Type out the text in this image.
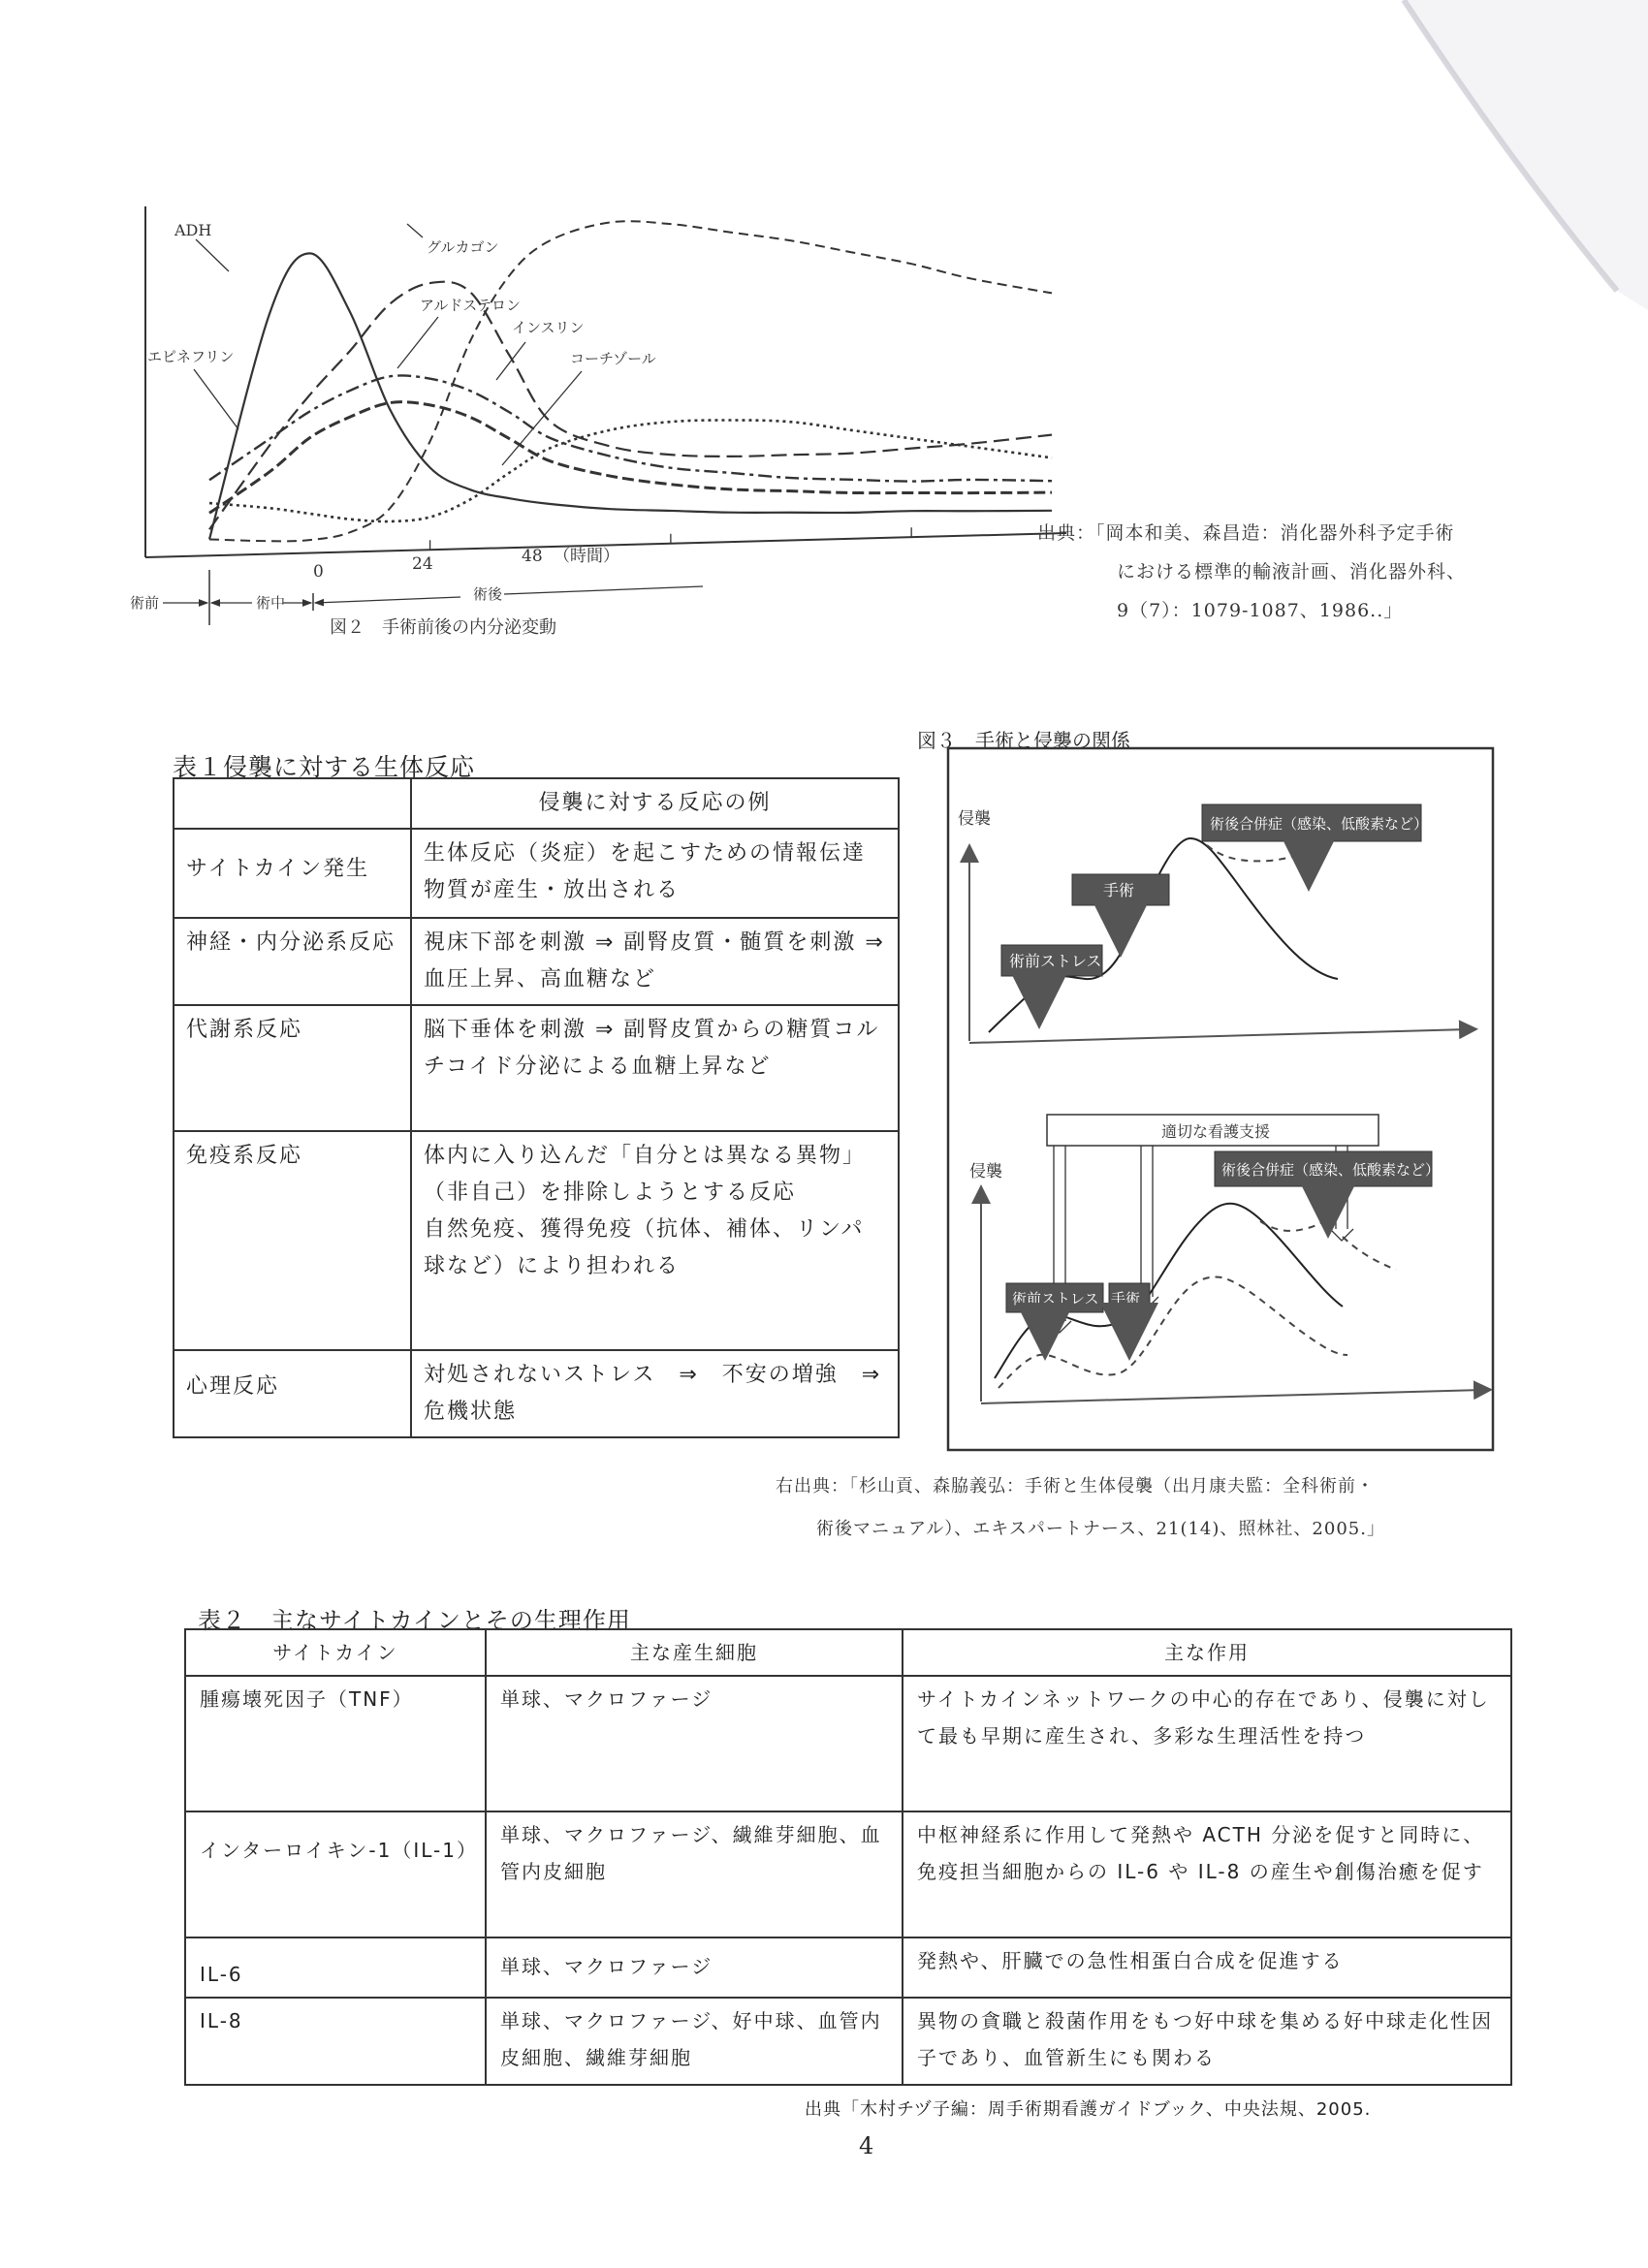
0	24	48 （時間）
ADH
グルカゴン
アルドステロン
インスリン
エピネフリン	コーチゾール
術前	術中	術後
図２　手術前後の内分泌変動
出典：「岡本和美、森昌造：消化器外科予定手術
における標準的輸液計画、消化器外科、
9（7）：1079-1087、1986..」
表１侵襲に対する生体反応
	侵襲に対する反応の例
サイトカイン発生	生体反応（炎症）を起こすための情報伝達物質が産生・放出される
神経・内分泌系反応	視床下部を刺激 ⇒ 副腎皮質・髄質を刺激 ⇒ 血圧上昇、高血糖など
代謝系反応	脳下垂体を刺激 ⇒ 副腎皮質からの糖質コルチコイド分泌による血糖上昇など
免疫系反応	体内に入り込んだ「自分とは異なる異物」（非自己）を排除しようとする反応
自然免疫、獲得免疫（抗体、補体、リンパ球など）により担われる

心理反応	対処されないストレス　⇒　不安の増強　⇒　危機状態
図３　手術と侵襲の関係
侵襲
術前ストレス
手術
術後合併症（感染、低酸素など）
侵襲
適切な看護支援
術前ストレス 手術
術後合併症（感染、低酸素など）
右出典：「杉山貢、森脇義弘：手術と生体侵襲（出月康夫監：全科術前・
術後マニュアル）、エキスパートナース、21(14)、照林社、2005.」
表２　主なサイトカインとその生理作用
サイトカイン	主な産生細胞	主な作用
腫瘍壊死因子（TNF）	単球、マクロファージ	サイトカインネットワークの中心的存在であり、侵襲に対して最も早期に産生され、多彩な生理活性を持つ
インターロイキン-1（IL-1）	単球、マクロファージ、繊維芽細胞、血管内皮細胞	中枢神経系に作用して発熱や ACTH 分泌を促すと同時に、免疫担当細胞からの IL-6 や IL-8 の産生や創傷治癒を促す
IL-6	単球、マクロファージ	発熱や、肝臓での急性相蛋白合成を促進する
IL-8	単球、マクロファージ、好中球、血管内皮細胞、繊維芽細胞	異物の貪職と殺菌作用をもつ好中球を集める好中球走化性因子であり、血管新生にも関わる
出典「木村チヅ子編：周手術期看護ガイドブック、中央法規、2005.
4
